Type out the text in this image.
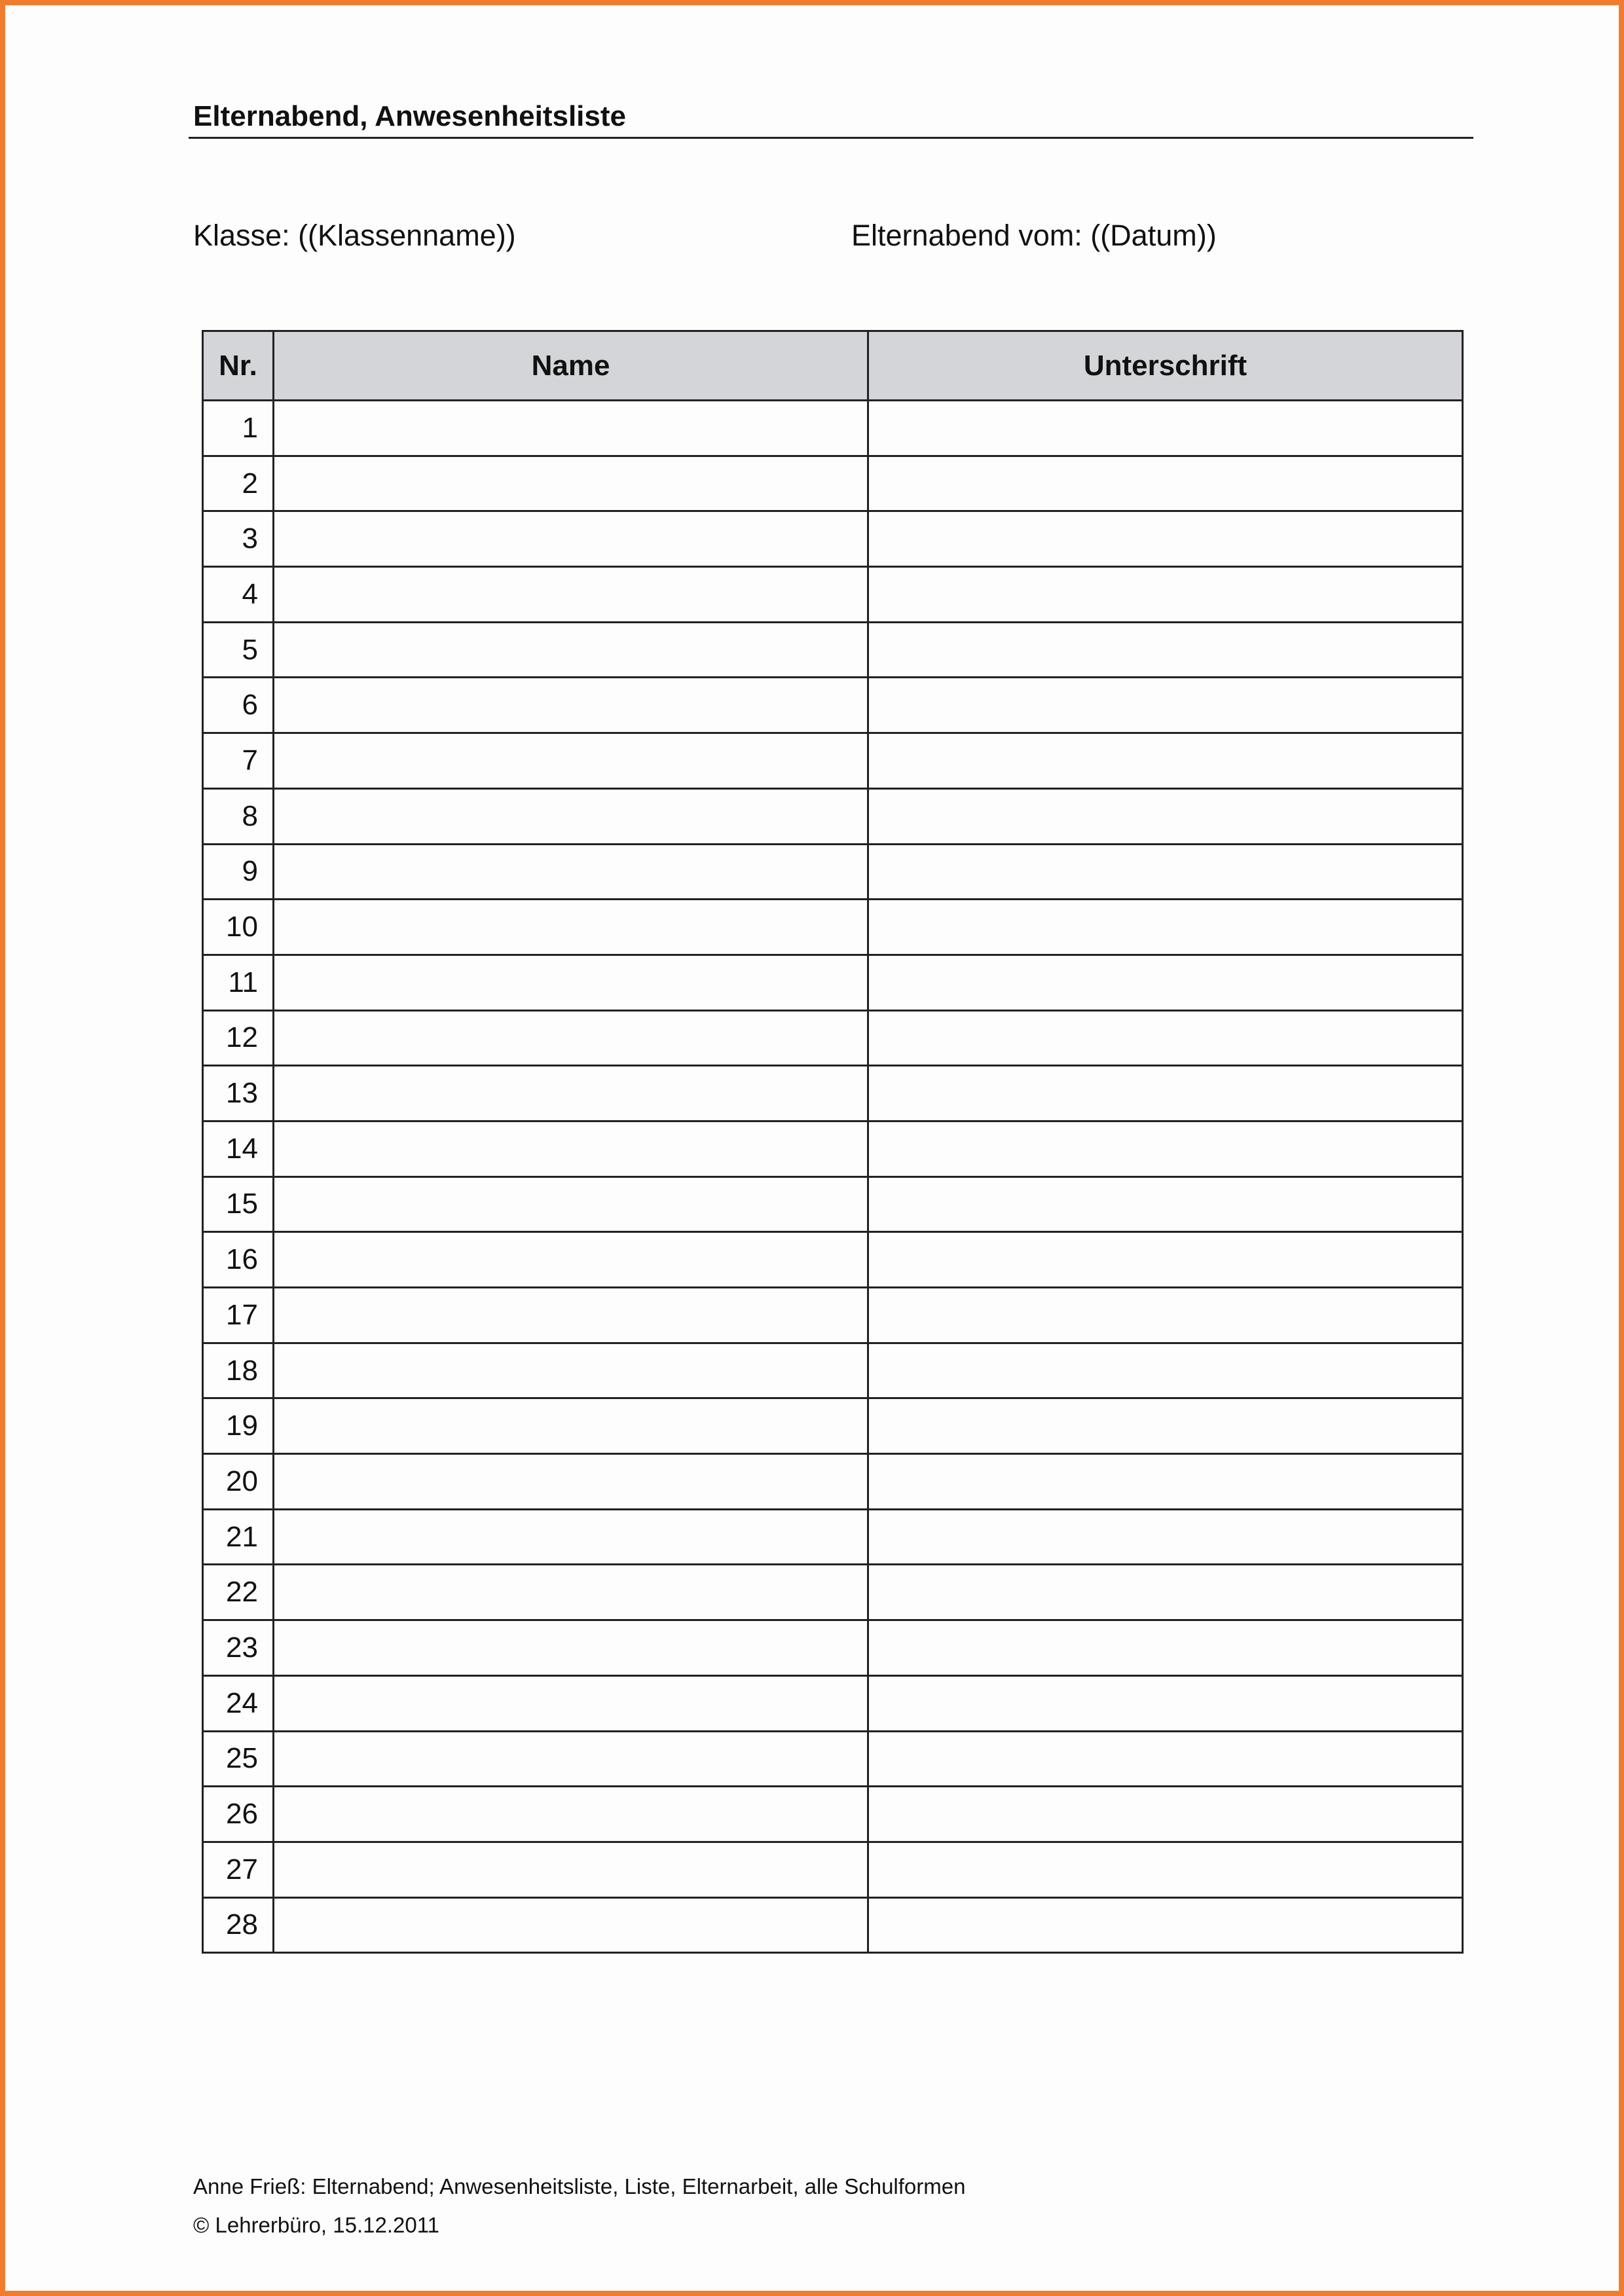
Elternabend, Anwesenheitsliste
Klasse: ((Klassenname))	Elternabend vom: ((Datum))
Nr.	Name	Unterschrift
1		
2		
3		
4		
5		
6		
7		
8		
9		
10		
11		
12		
13		
14		
15		
16		
17		
18		
19		
20		
21		
22		
23		
24		
25		
26		
27		
28		
Anne Frieß: Elternabend; Anwesenheitsliste, Liste, Elternarbeit, alle Schulformen
© Lehrerbüro, 15.12.2011
